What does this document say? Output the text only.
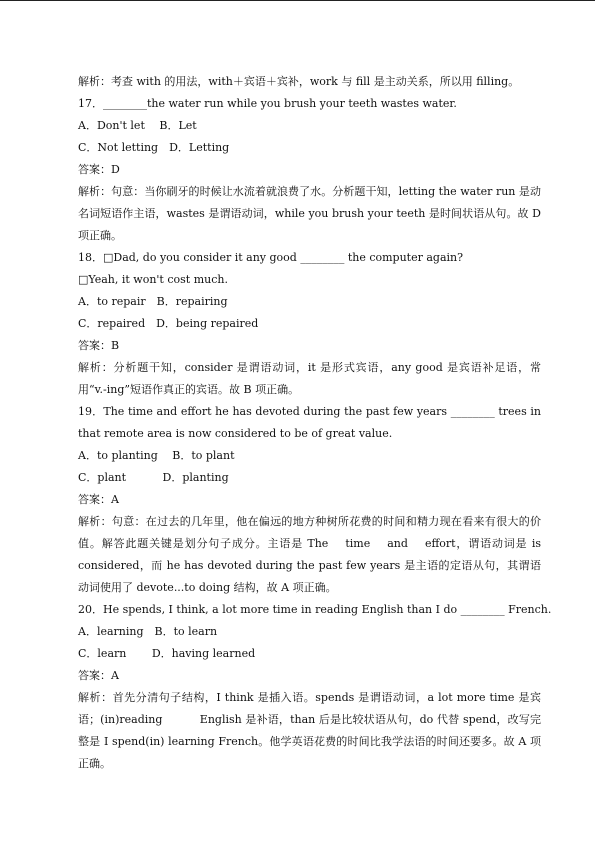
解析：考查 with 的用法，with＋宾语＋宾补，work 与 fill 是主动关系，所以用 filling。

17．________the water run while you brush your teeth wastes water.

A．Don't let　 B．Let

C．Not letting　D．Letting

答案：D

解析：句意：当你刷牙的时候让水流着就浪费了水。分析题干知，letting the water run 是动名词短语作主语，wastes 是谓语动词，while you brush your teeth 是时间状语从句。故 D 项正确。

18．□Dad, do you consider it any good ________ the computer again?

□Yeah, it won't cost much.

A．to repair　B．repairing

C．repaired　D．being repaired

答案：B

解析：分析题干知，consider 是谓语动词，it 是形式宾语，any good 是宾语补足语，常用“v.-ing”短语作真正的宾语。故 B 项正确。

19．The time and effort he has devoted during the past few years ________ trees in that remote area is now considered to be of great value.

A．to planting　 B．to plant

C．plant　　　 D．planting

答案：A

解析：句意：在过去的几年里，他在偏远的地方种树所花费的时间和精力现在看来有很大的价值。解答此题关键是划分句子成分。主语是 The　 time　 and　 effort，谓语动词是 is considered，而 he has devoted during the past few years 是主语的定语从句，其谓语动词使用了 devote...to doing 结构，故 A 项正确。

20．He spends, I think, a lot more time in reading English than I do ________ French.

A．learning　B．to learn

C．learn　　 D．having learned

答案：A

解析：首先分清句子结构，I think 是插入语。spends 是谓语动词，a lot more time 是宾语；(in)reading　　　 English 是补语，than 后是比较状语从句，do 代替 spend，改写完整是 I spend(in) learning French。他学英语花费的时间比我学法语的时间还要多。故 A 项正确。
